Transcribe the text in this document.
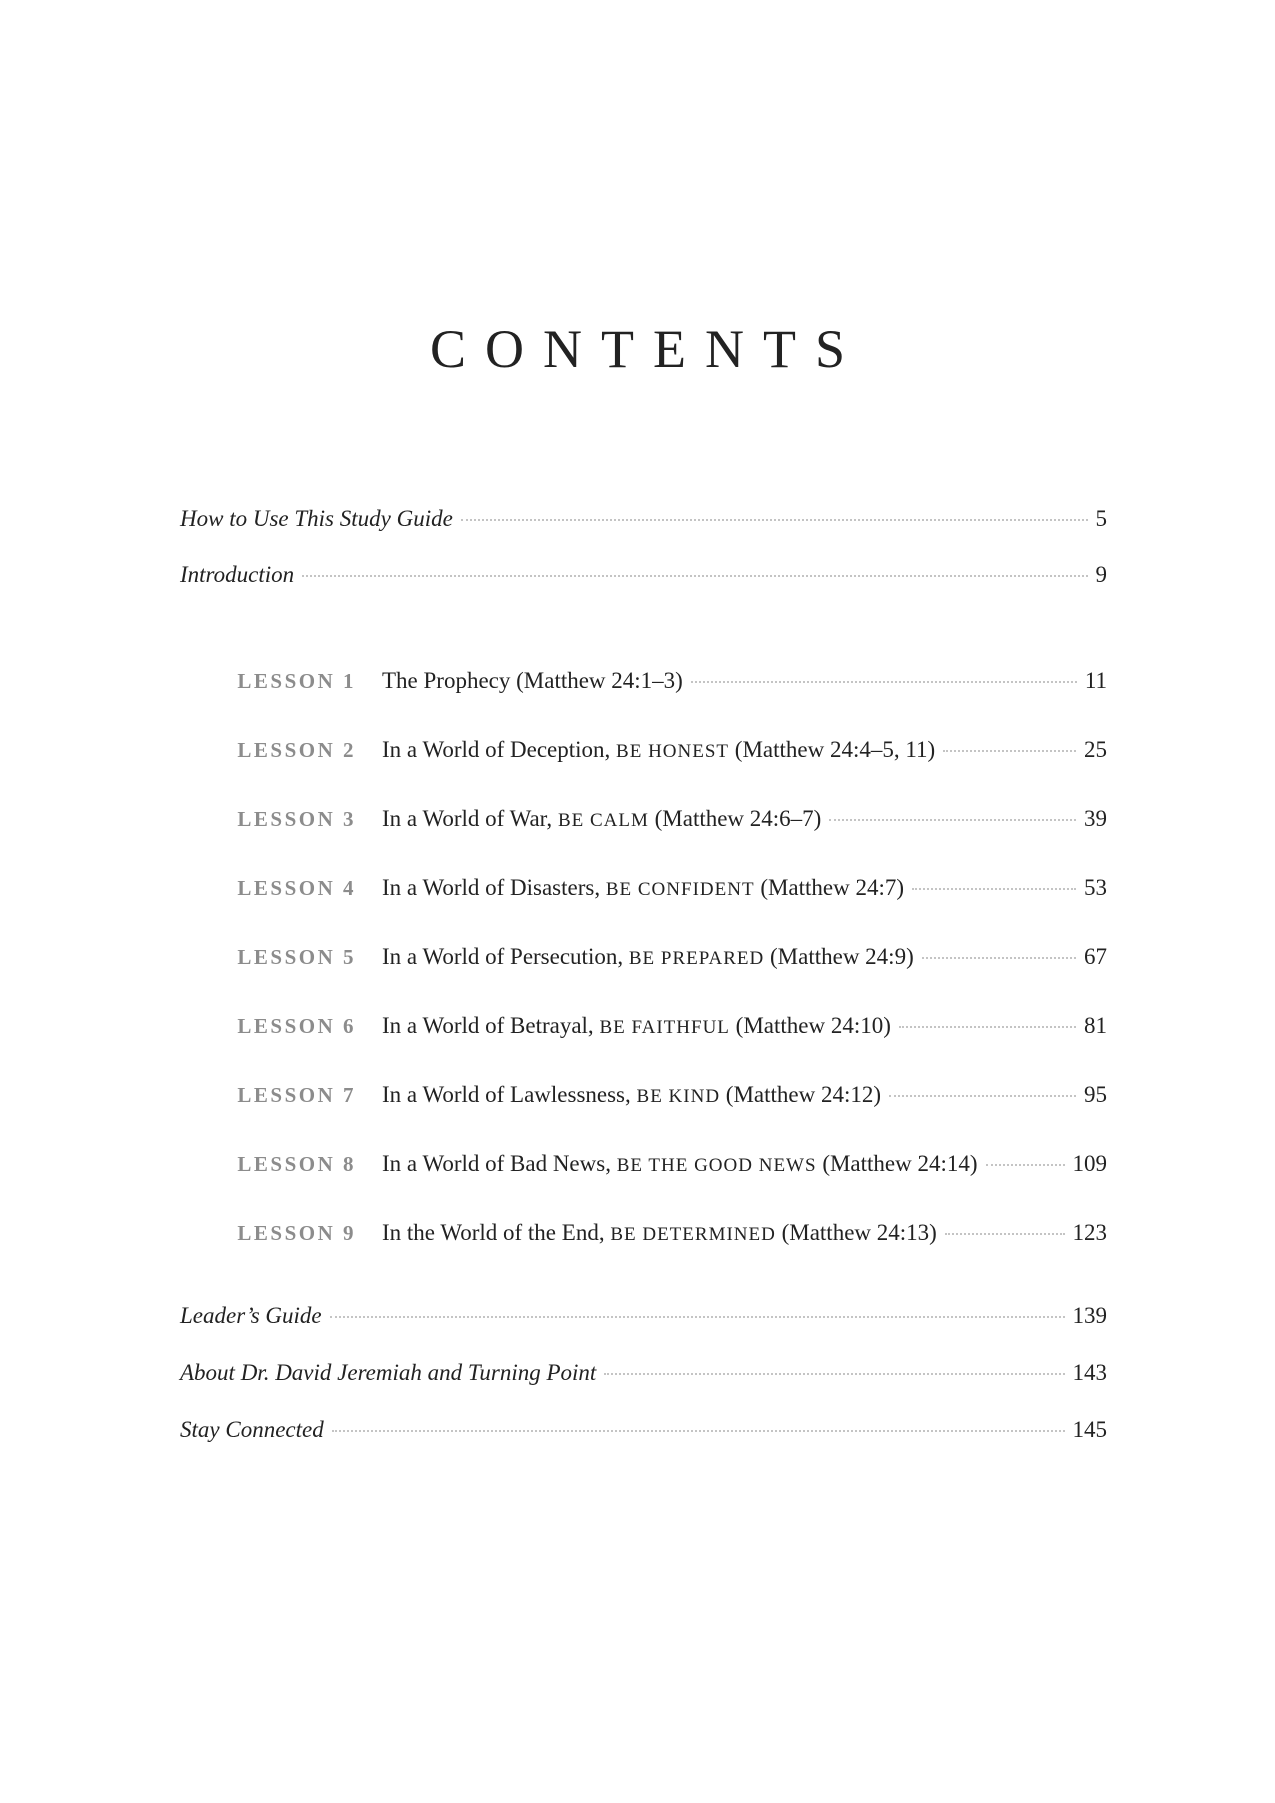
CONTENTS
How to Use This Study Guide	5
Introduction	9
LESSON 1 The Prophecy (Matthew 24:1–3)	11
LESSON 2 In a World of Deception, BE HONEST (Matthew 24:4–5, 11)	25
LESSON 3 In a World of War, BE CALM (Matthew 24:6–7)	39
LESSON 4 In a World of Disasters, BE CONFIDENT (Matthew 24:7)	53
LESSON 5 In a World of Persecution, BE PREPARED (Matthew 24:9)	67
LESSON 6 In a World of Betrayal, BE FAITHFUL (Matthew 24:10)	81
LESSON 7 In a World of Lawlessness, BE KIND (Matthew 24:12)	95
LESSON 8 In a World of Bad News, BE THE GOOD NEWS (Matthew 24:14)	109
LESSON 9 In the World of the End, BE DETERMINED (Matthew 24:13)	123
Leader’s Guide	139
About Dr. David Jeremiah and Turning Point	143
Stay Connected	145
